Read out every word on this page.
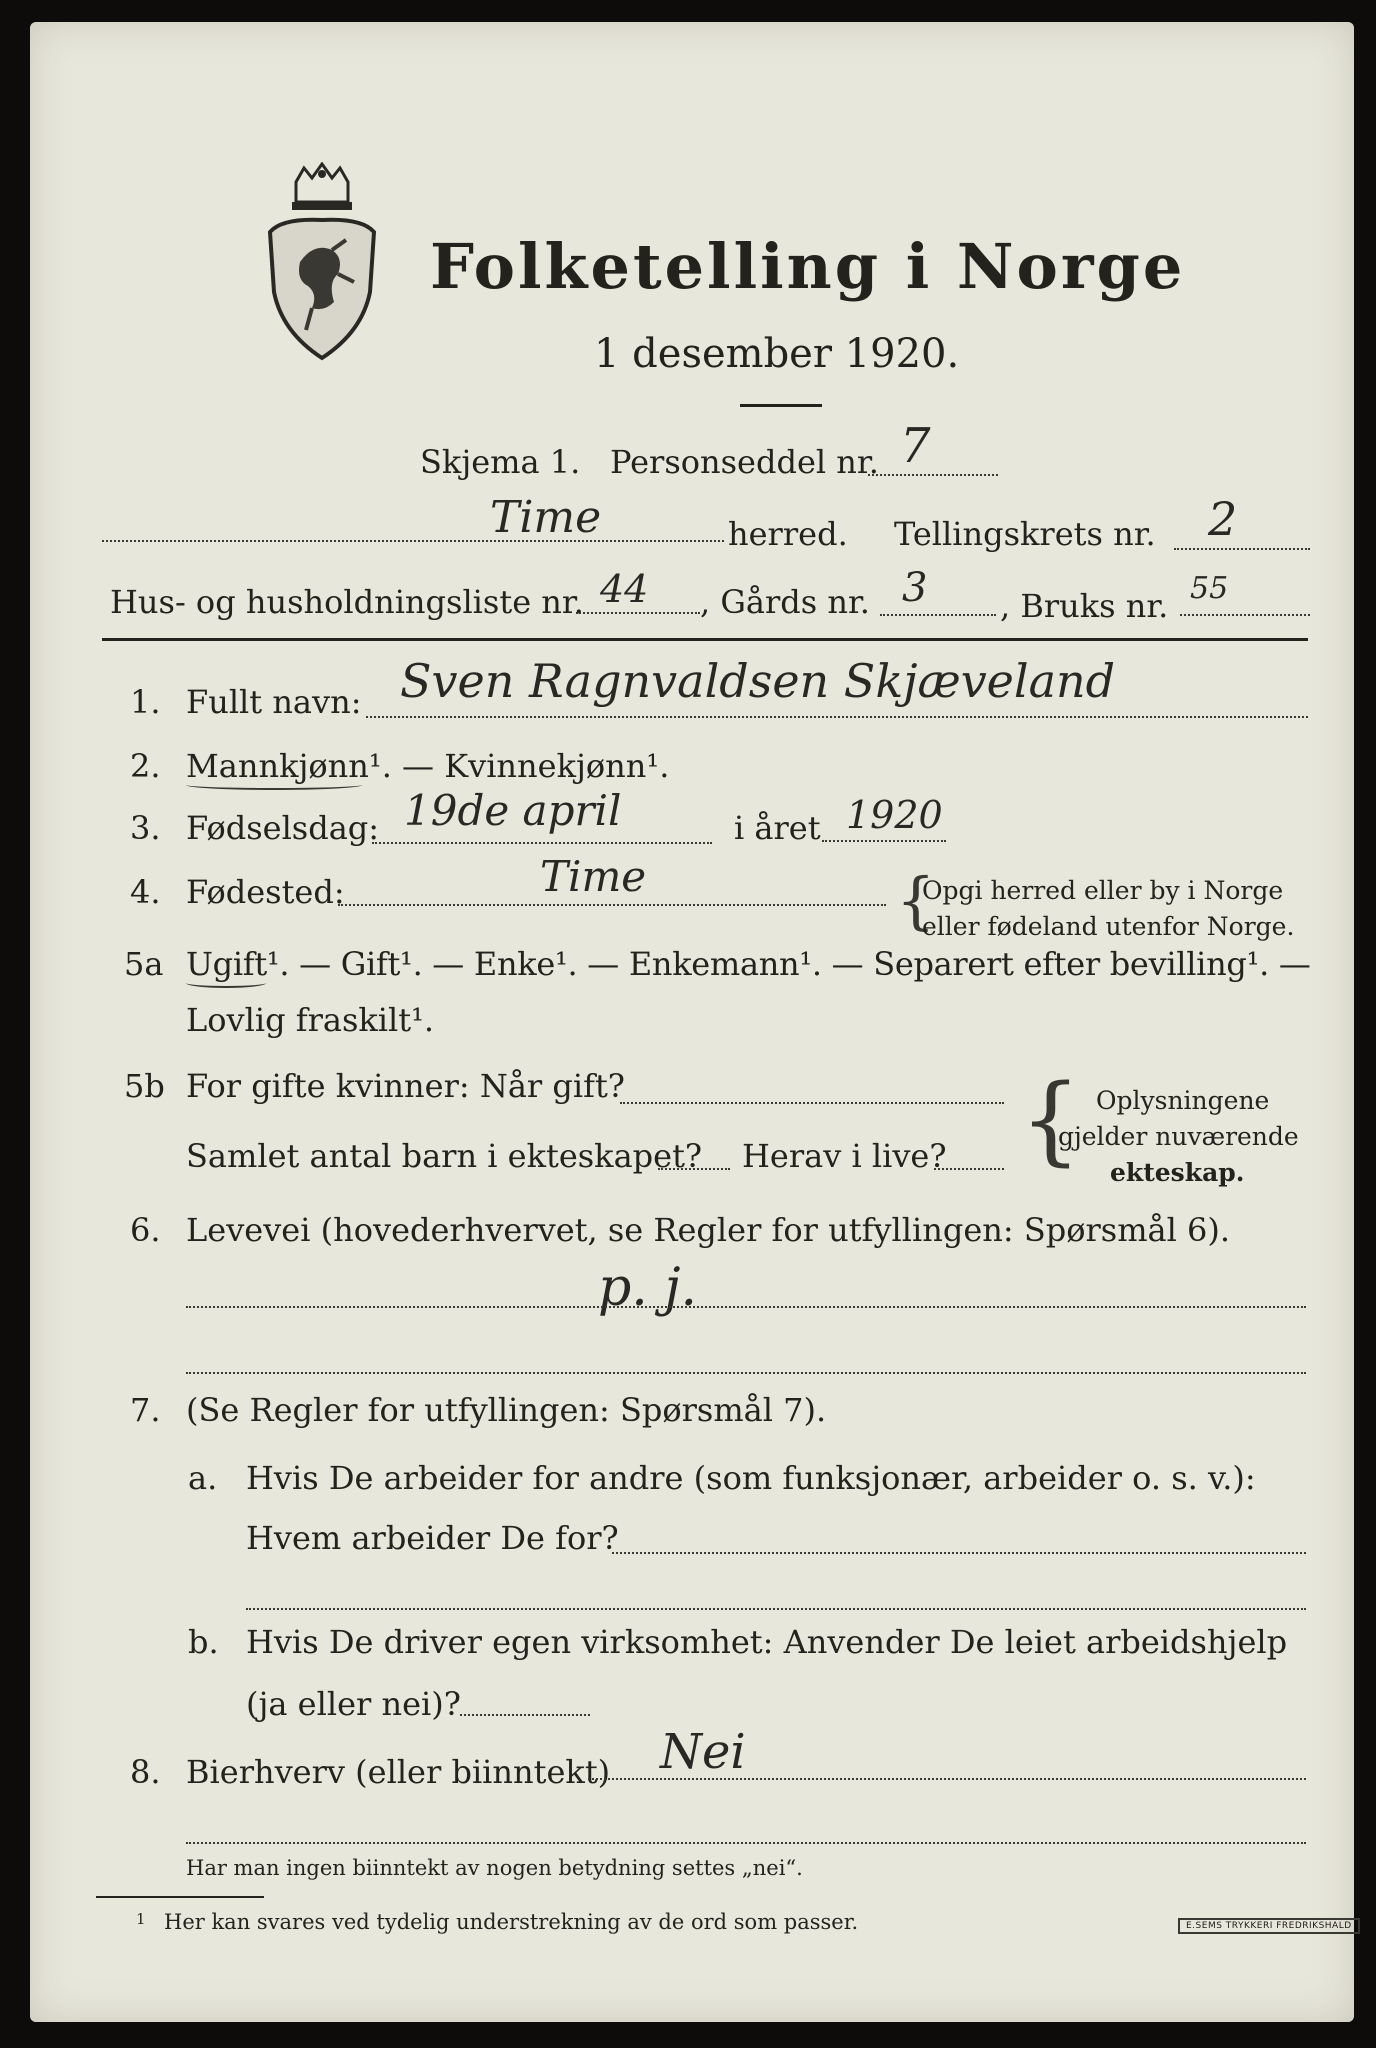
Folketelling i Norge
1 desember 1920.
Skjema 1. Personseddel nr. 7
Time	herred. Tellingskrets nr. 2
Hus- og husholdningsliste nr. 44 , Gårds nr. 3 , Bruks nr. 55
1. Fullt navn: Sven Ragnvaldsen Skjæveland
2. Mannkjønn¹. — Kvinnekjønn¹.
3. Fødselsdag: 19de april	i året 1920
4. Fødested:	Time	{
Opgi herred eller by i Norge
eller fødeland utenfor Norge.
5a Ugift¹. — Gift¹. — Enke¹. — Enkemann¹. — Separert efter bevilling¹. —
Lovlig fraskilt¹.
5b For gifte kvinner: Når gift?
Samlet antal barn i ekteskapet? Herav i live? { Oplysningene
gjelder nuværende
ekteskap.
6. Levevei (hovederhvervet, se Regler for utfyllingen: Spørsmål 6).
p. j.
7. (Se Regler for utfyllingen: Spørsmål 7).
a. Hvis De arbeider for andre (som funksjonær, arbeider o. s. v.):
Hvem arbeider De for?
b. Hvis De driver egen virksomhet: Anvender De leiet arbeidshjelp
(ja eller nei)?
8. Bierhverv (eller biinntekt) Nei
Har man ingen biinntekt av nogen betydning settes „nei“.
1 Her kan svares ved tydelig understrekning av de ord som passer.	E.SEMS TRYKKERI FREDRIKSHALD
